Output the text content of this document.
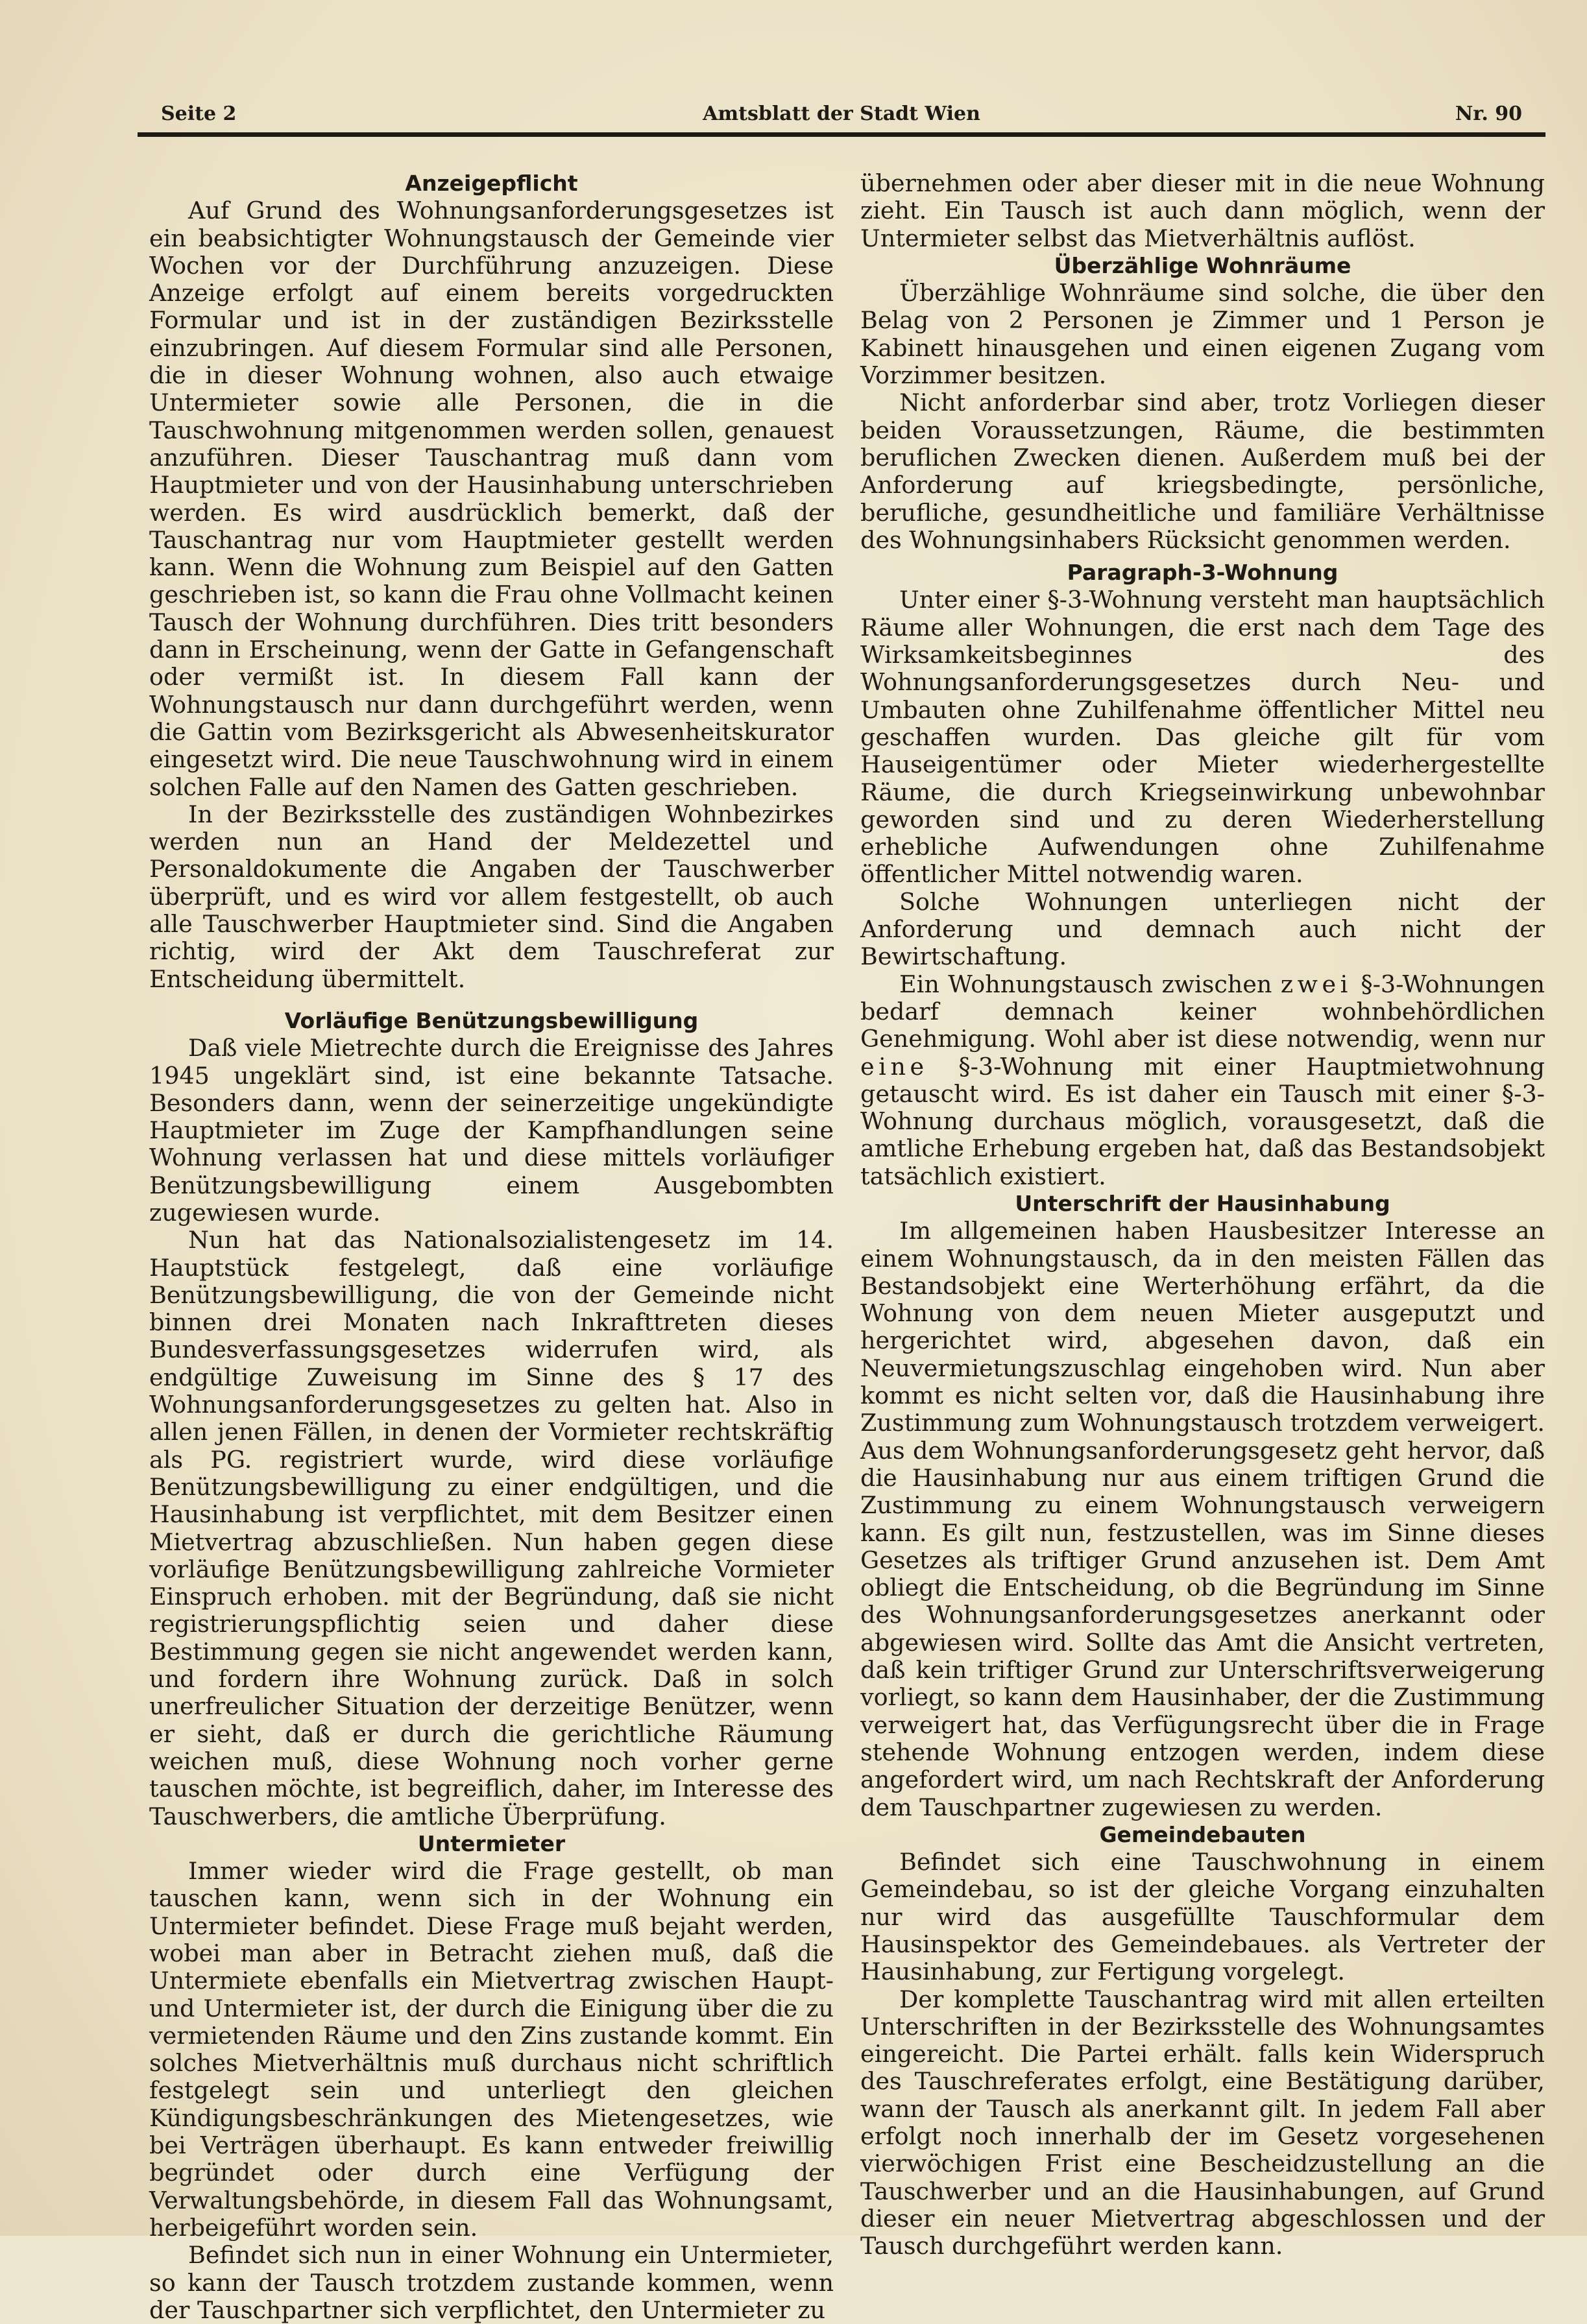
Seite 2	Amtsblatt der Stadt Wien	Nr. 90
Anzeigepflicht

Auf Grund des Wohnungsanforderungsgesetzes ist ein beabsichtigter Wohnungstausch der Gemeinde vier Wochen vor der Durchführung anzuzeigen. Diese Anzeige erfolgt auf einem bereits vorgedruckten Formular und ist in der zuständigen Bezirksstelle einzubringen. Auf diesem Formular sind alle Personen, die in dieser Wohnung wohnen, also auch etwaige Untermieter sowie alle Personen, die in die Tauschwohnung mitgenommen werden sollen, genauest anzuführen. Dieser Tauschantrag muß dann vom Hauptmieter und von der Hausinhabung unterschrieben werden. Es wird ausdrücklich bemerkt, daß der Tauschantrag nur vom Hauptmieter gestellt werden kann. Wenn die Wohnung zum Beispiel auf den Gatten geschrieben ist, so kann die Frau ohne Vollmacht keinen Tausch der Wohnung durchführen. Dies tritt besonders dann in Erscheinung, wenn der Gatte in Gefangenschaft oder vermißt ist. In diesem Fall kann der Wohnungstausch nur dann durchgeführt werden, wenn die Gattin vom Bezirksgericht als Abwesenheitskurator eingesetzt wird. Die neue Tauschwohnung wird in einem solchen Falle auf den Namen des Gatten geschrieben.

In der Bezirksstelle des zuständigen Wohnbezirkes werden nun an Hand der Meldezettel und Personaldokumente die Angaben der Tauschwerber überprüft, und es wird vor allem festgestellt, ob auch alle Tauschwerber Hauptmieter sind. Sind die Angaben richtig, wird der Akt dem Tauschreferat zur Entscheidung übermittelt.

Vorläufige Benützungsbewilligung

Daß viele Mietrechte durch die Ereignisse des Jahres 1945 ungeklärt sind, ist eine bekannte Tatsache. Besonders dann, wenn der seinerzeitige ungekündigte Hauptmieter im Zuge der Kampfhandlungen seine Wohnung verlassen hat und diese mittels vorläufiger Benützungsbewilligung einem Ausgebombten zugewiesen wurde.

Nun hat das Nationalsozialistengesetz im 14. Hauptstück festgelegt, daß eine vorläufige Benützungsbewilligung, die von der Gemeinde nicht binnen drei Monaten nach Inkrafttreten dieses Bundesverfassungsgesetzes widerrufen wird, als endgültige Zuweisung im Sinne des § 17 des Wohnungsanforderungsgesetzes zu gelten hat. Also in allen jenen Fällen, in denen der Vormieter rechtskräftig als PG. registriert wurde, wird diese vorläufige Benützungsbewilligung zu einer endgültigen, und die Hausinhabung ist verpflichtet, mit dem Besitzer einen Mietvertrag abzuschließen. Nun haben gegen diese vorläufige Benützungsbewilligung zahlreiche Vormieter Einspruch erhoben. mit der Begründung, daß sie nicht registrierungspflichtig seien und daher diese Bestimmung gegen sie nicht angewendet werden kann, und fordern ihre Wohnung zurück. Daß in solch unerfreulicher Situation der derzeitige Benützer, wenn er sieht, daß er durch die gerichtliche Räumung weichen muß, diese Wohnung noch vorher gerne tauschen möchte, ist begreiflich, daher, im Interesse des Tauschwerbers, die amtliche Überprüfung.

Untermieter

Immer wieder wird die Frage gestellt, ob man tauschen kann, wenn sich in der Wohnung ein Untermieter befindet. Diese Frage muß bejaht werden, wobei man aber in Betracht ziehen muß, daß die Untermiete ebenfalls ein Mietvertrag zwischen Haupt- und Untermieter ist, der durch die Einigung über die zu vermietenden Räume und den Zins zustande kommt. Ein solches Mietverhältnis muß durchaus nicht schriftlich festgelegt sein und unterliegt den gleichen Kündigungsbeschränkungen des Mietengesetzes, wie bei Verträgen überhaupt. Es kann entweder freiwillig begründet oder durch eine Verfügung der Verwaltungsbehörde, in diesem Fall das Wohnungsamt, herbeigeführt worden sein.

Befindet sich nun in einer Wohnung ein Untermieter, so kann der Tausch trotzdem zustande kommen, wenn der Tauschpartner sich verpflichtet, den Untermieter zu

übernehmen oder aber dieser mit in die neue Wohnung zieht. Ein Tausch ist auch dann möglich, wenn der Untermieter selbst das Mietverhältnis auflöst.

Überzählige Wohnräume

Überzählige Wohnräume sind solche, die über den Belag von 2 Personen je Zimmer und 1 Person je Kabinett hinausgehen und einen eigenen Zugang vom Vorzimmer besitzen.

Nicht anforderbar sind aber, trotz Vorliegen dieser beiden Voraussetzungen, Räume, die bestimmten beruflichen Zwecken dienen. Außerdem muß bei der Anforderung auf kriegsbedingte, persönliche, berufliche, gesundheitliche und familiäre Verhältnisse des Wohnungsinhabers Rücksicht genommen werden.

Paragraph-3-Wohnung

Unter einer §-3-Wohnung versteht man hauptsächlich Räume aller Wohnungen, die erst nach dem Tage des Wirksamkeitsbeginnes des Wohnungsanforderungsgesetzes durch Neu- und Umbauten ohne Zuhilfenahme öffentlicher Mittel neu geschaffen wurden. Das gleiche gilt für vom Hauseigentümer oder Mieter wiederhergestellte Räume, die durch Kriegseinwirkung unbewohnbar geworden sind und zu deren Wiederherstellung erhebliche Aufwendungen ohne Zuhilfenahme öffentlicher Mittel notwendig waren.

Solche Wohnungen unterliegen nicht der Anforderung und demnach auch nicht der Bewirtschaftung.

Ein Wohnungstausch zwischen zwei §-3-Wohnungen bedarf demnach keiner wohnbehördlichen Genehmigung. Wohl aber ist diese notwendig, wenn nur eine §-3-Wohnung mit einer Hauptmietwohnung getauscht wird. Es ist daher ein Tausch mit einer §-3-Wohnung durchaus möglich, vorausgesetzt, daß die amtliche Erhebung ergeben hat, daß das Bestandsobjekt tatsächlich existiert.

Unterschrift der Hausinhabung

Im allgemeinen haben Hausbesitzer Interesse an einem Wohnungstausch, da in den meisten Fällen das Bestandsobjekt eine Werterhöhung erfährt, da die Wohnung von dem neuen Mieter ausgeputzt und hergerichtet wird, abgesehen davon, daß ein Neuvermietungszuschlag eingehoben wird. Nun aber kommt es nicht selten vor, daß die Hausinhabung ihre Zustimmung zum Wohnungstausch trotzdem verweigert. Aus dem Wohnungsanforderungsgesetz geht hervor, daß die Hausinhabung nur aus einem triftigen Grund die Zustimmung zu einem Wohnungstausch verweigern kann. Es gilt nun, festzustellen, was im Sinne dieses Gesetzes als triftiger Grund anzusehen ist. Dem Amt obliegt die Entscheidung, ob die Begründung im Sinne des Wohnungsanforderungsgesetzes anerkannt oder abgewiesen wird. Sollte das Amt die Ansicht vertreten, daß kein triftiger Grund zur Unterschriftsverweigerung vorliegt, so kann dem Hausinhaber, der die Zustimmung verweigert hat, das Verfügungsrecht über die in Frage stehende Wohnung entzogen werden, indem diese angefordert wird, um nach Rechtskraft der Anforderung dem Tauschpartner zugewiesen zu werden.

Gemeindebauten

Befindet sich eine Tauschwohnung in einem Gemeindebau, so ist der gleiche Vorgang einzuhalten nur wird das ausgefüllte Tauschformular dem Hausinspektor des Gemeindebaues. als Vertreter der Hausinhabung, zur Fertigung vorgelegt.

Der komplette Tauschantrag wird mit allen erteilten Unterschriften in der Bezirksstelle des Wohnungsamtes eingereicht. Die Partei erhält. falls kein Widerspruch des Tauschreferates erfolgt, eine Bestätigung darüber, wann der Tausch als anerkannt gilt. In jedem Fall aber erfolgt noch innerhalb der im Gesetz vorgesehenen vierwöchigen Frist eine Bescheidzustellung an die Tauschwerber und an die Hausinhabungen, auf Grund dieser ein neuer Mietvertrag abgeschlossen und der Tausch durchgeführt werden kann.
